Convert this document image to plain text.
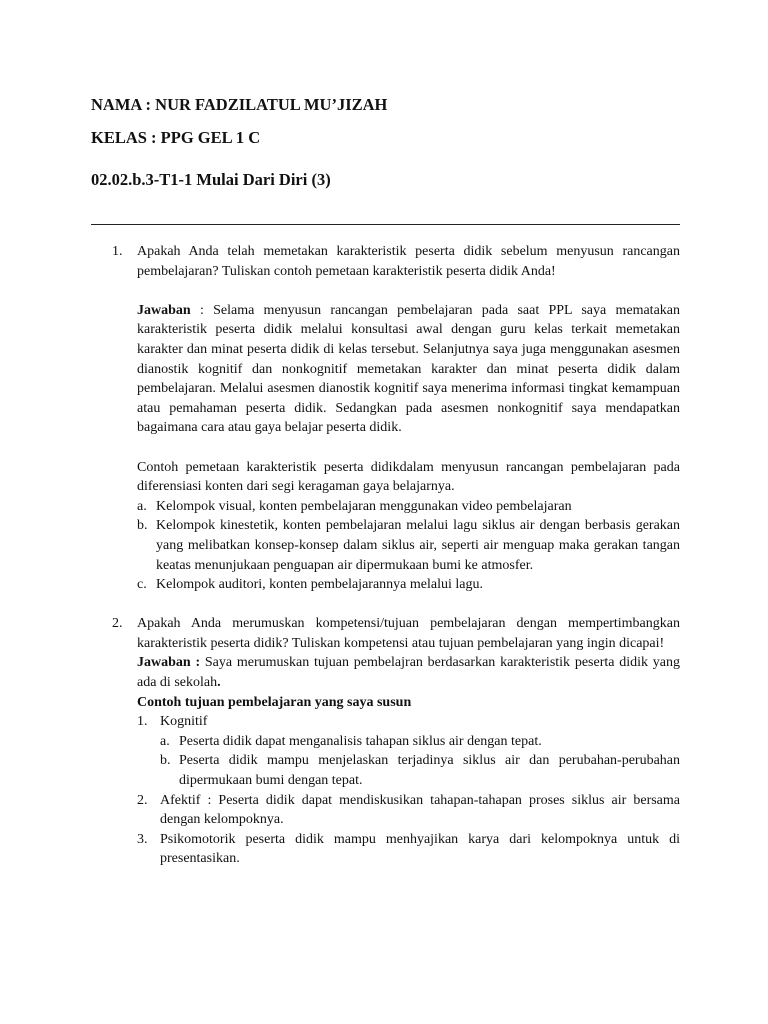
NAMA : NUR FADZILATUL MU’JIZAH
KELAS : PPG GEL 1 C
02.02.b.3-T1-1 Mulai Dari Diri (3)
1. Apakah Anda telah memetakan karakteristik peserta didik sebelum menyusun rancangan pembelajaran? Tuliskan contoh pemetaan karakteristik peserta didik Anda!

Jawaban : Selama menyusun rancangan pembelajaran pada saat PPL saya mematakan karakteristik peserta didik melalui konsultasi awal dengan guru kelas terkait memetakan karakter dan minat peserta didik di kelas tersebut. Selanjutnya saya juga menggunakan asesmen dianostik kognitif dan nonkognitif memetakan karakter dan minat peserta didik dalam pembelajaran. Melalui asesmen dianostik kognitif saya menerima informasi tingkat kemampuan atau pemahaman peserta didik. Sedangkan pada asesmen nonkognitif saya mendapatkan bagaimana cara atau gaya belajar peserta didik.

Contoh pemetaan karakteristik peserta didikdalam menyusun rancangan pembelajaran pada diferensiasi konten dari segi keragaman gaya belajarnya.

a. Kelompok visual, konten pembelajaran menggunakan video pembelajaran
b. Kelompok kinestetik, konten pembelajaran melalui lagu siklus air dengan berbasis gerakan yang melibatkan konsep-konsep dalam siklus air, seperti air menguap maka gerakan tangan keatas menunjukaan penguapan air dipermukaan bumi ke atmosfer.
c. Kelompok auditori, konten pembelajarannya melalui lagu.
2. Apakah Anda merumuskan kompetensi/tujuan pembelajaran dengan mempertimbangkan karakteristik peserta didik? Tuliskan kompetensi atau tujuan pembelajaran yang ingin dicapai!

Jawaban : Saya merumuskan tujuan pembelajran berdasarkan karakteristik peserta didik yang ada di sekolah.

Contoh tujuan pembelajaran yang saya susun

1. Kognitif
a. Peserta didik dapat menganalisis tahapan siklus air dengan tepat.
b. Peserta didik mampu menjelaskan terjadinya siklus air dan perubahan-perubahan dipermukaan bumi dengan tepat.
2. Afektif : Peserta didik dapat mendiskusikan tahapan-tahapan proses siklus air bersama dengan kelompoknya.
3. Psikomotorik peserta didik mampu menhyajikan karya dari kelompoknya untuk di presentasikan.
